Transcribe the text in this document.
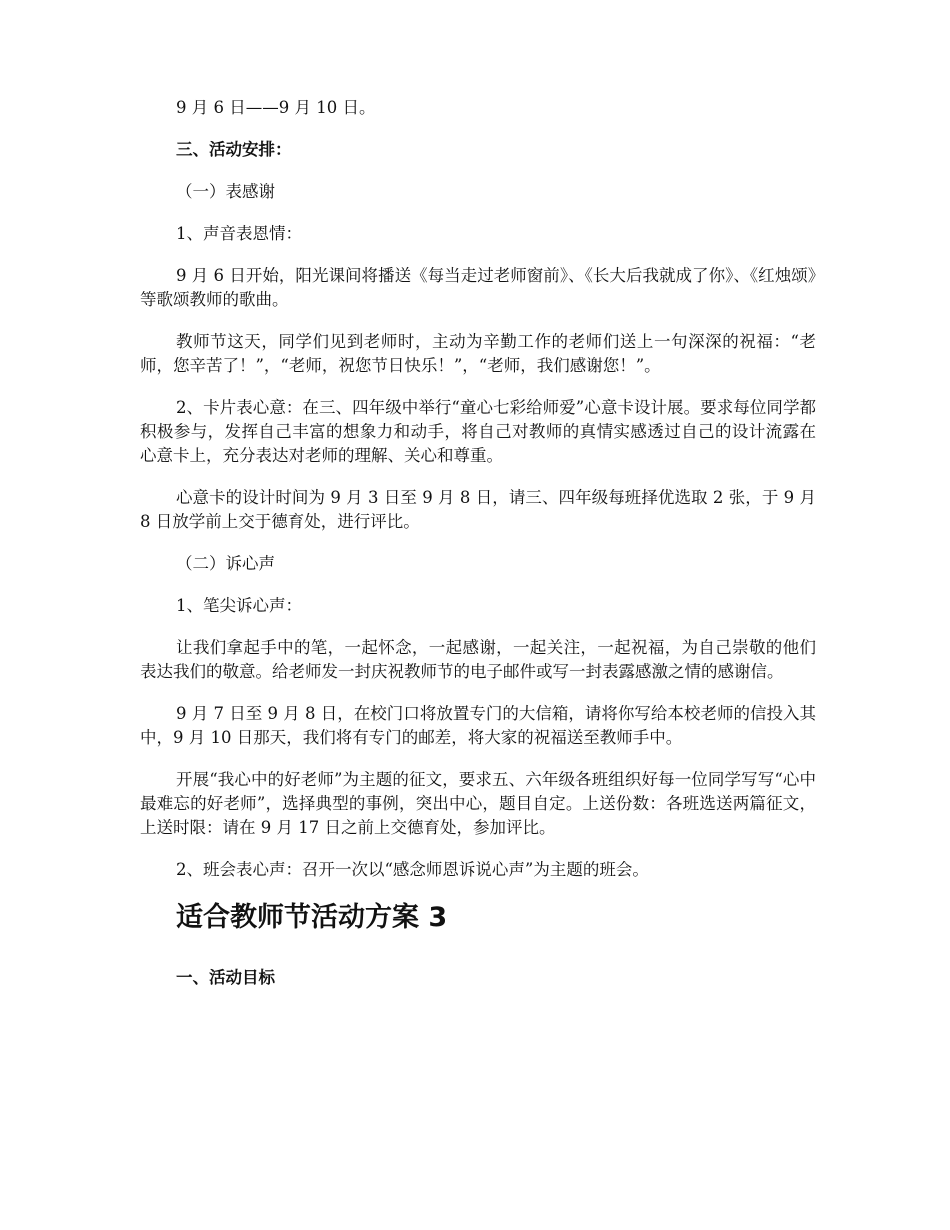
9 月 6 日——9 月 10 日。

三、活动安排：

（一）表感谢

1、声音表恩情：

9 月 6 日开始，阳光课间将播送《每当走过老师窗前》、《长大后我就成了你》、《红烛颂》等歌颂教师的歌曲。

教师节这天，同学们见到老师时，主动为辛勤工作的老师们送上一句深深的祝福：“老师，您辛苦了！”，“老师，祝您节日快乐！”，“老师，我们感谢您！”。

2、卡片表心意：在三、四年级中举行“童心七彩给师爱”心意卡设计展。要求每位同学都积极参与，发挥自己丰富的想象力和动手，将自己对教师的真情实感透过自己的设计流露在心意卡上，充分表达对老师的理解、关心和尊重。

心意卡的设计时间为 9 月 3 日至 9 月 8 日，请三、四年级每班择优选取 2 张，于 9 月 8 日放学前上交于德育处，进行评比。

（二）诉心声

1、笔尖诉心声：

让我们拿起手中的笔，一起怀念，一起感谢，一起关注，一起祝福，为自己崇敬的他们表达我们的敬意。给老师发一封庆祝教师节的电子邮件或写一封表露感激之情的感谢信。

9 月 7 日至 9 月 8 日，在校门口将放置专门的大信箱，请将你写给本校老师的信投入其中，9 月 10 日那天，我们将有专门的邮差，将大家的祝福送至教师手中。

开展“我心中的好老师”为主题的征文，要求五、六年级各班组织好每一位同学写写“心中最难忘的好老师”，选择典型的事例，突出中心，题目自定。上送份数：各班选送两篇征文，上送时限：请在 9 月 17 日之前上交德育处，参加评比。

2、班会表心声：召开一次以“感念师恩诉说心声”为主题的班会。

适合教师节活动方案 3

一、活动目标
